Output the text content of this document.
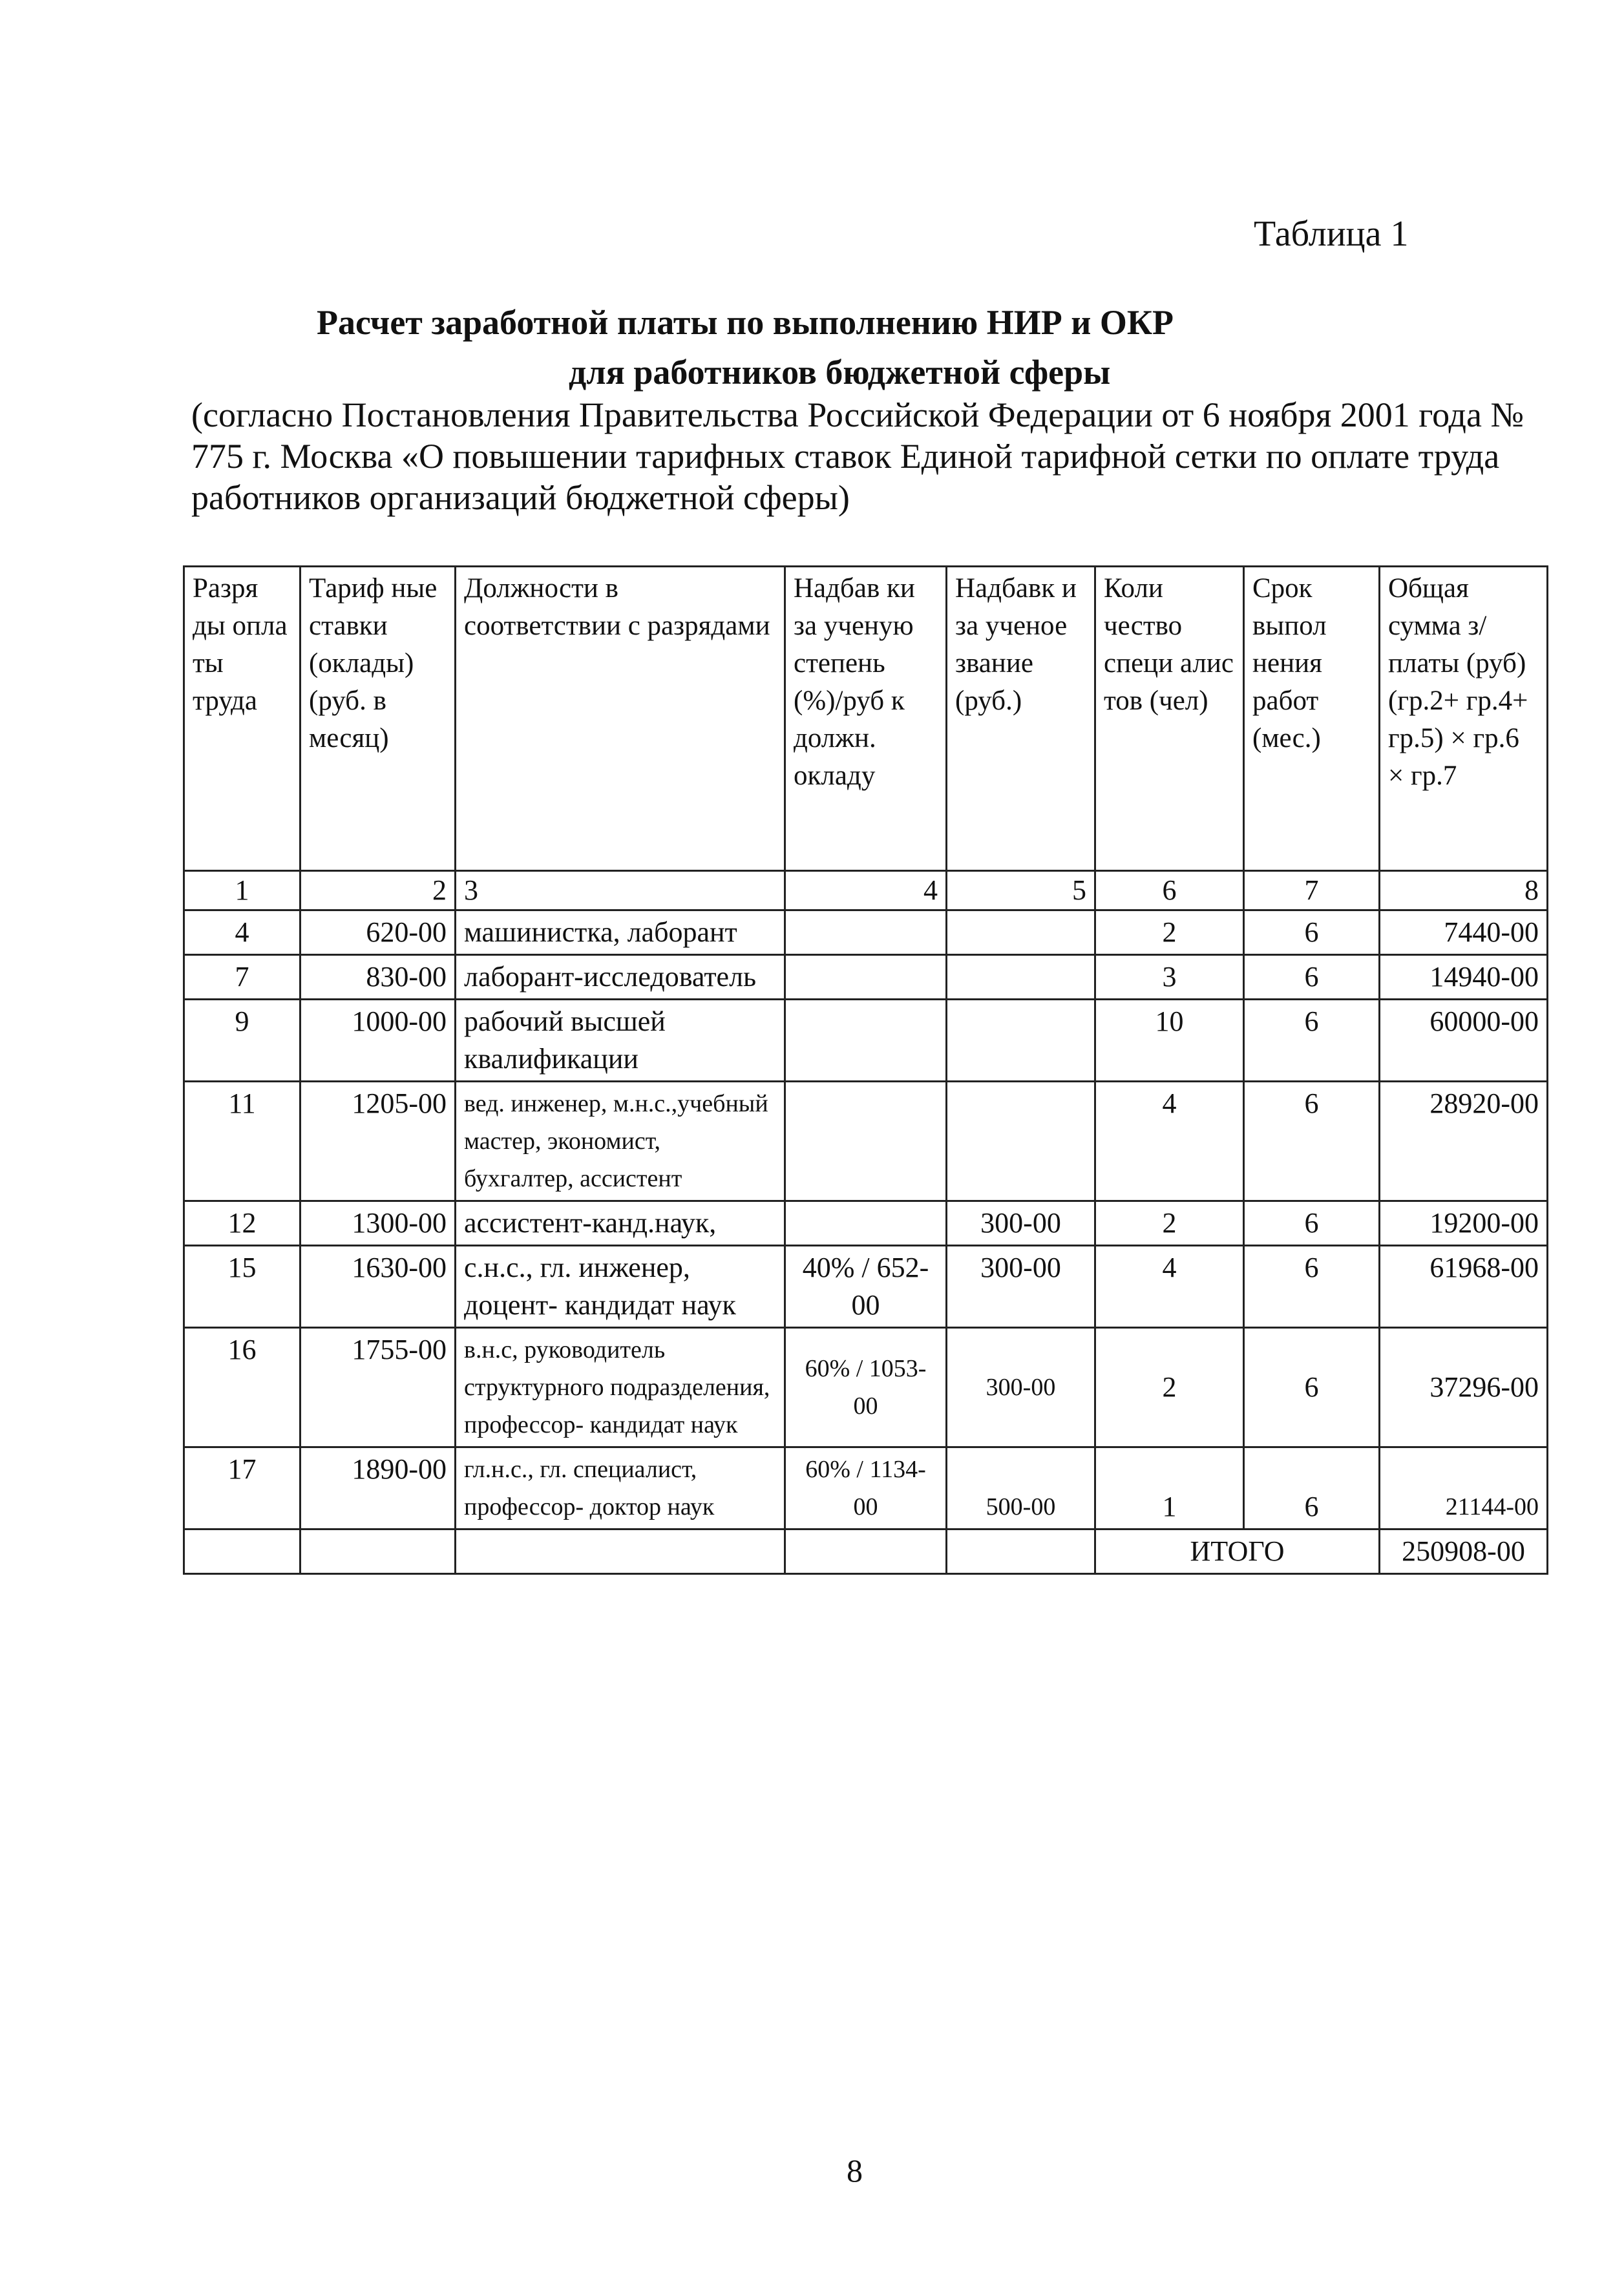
Таблица 1
Расчет заработной платы по выполнению НИР и ОКР
для работников бюджетной сферы
(согласно Постановления Правительства Российской Федерации от 6 ноября 2001 года № 775 г. Москва «О повышении тарифных ставок Единой тарифной сетки по оплате труда работников организаций бюджетной сферы)
Разря ды опла ты труда	Тариф ные ставки (оклады) (руб. в месяц)	Должности в соответствии с разрядами	Надбав ки за ученую степень (%)/руб к должн. окладу	Надбавк и за ученое звание (руб.)	Коли чество специ алис тов (чел)	Срок выпол нения работ (мес.)	Общая сумма з/платы (руб) (гр.2+ гр.4+ гр.5) × гр.6 × гр.7
1	2	3	4	5	6	7	8
4	620-00	машинистка, лаборант			2	6	7440-00
7	830-00	лаборант-исследователь			3	6	14940-00
9	1000-00	рабочий высшей квалификации			10	6	60000-00
11	1205-00	вед. инженер, м.н.с.,учебный мастер, экономист, бухгалтер, ассистент			4	6	28920-00
12	1300-00	ассистент-канд.наук,		300-00	2	6	19200-00
15	1630-00	с.н.с., гл. инженер, доцент- кандидат наук	40% / 652-00	300-00	4	6	61968-00
16	1755-00	в.н.с, руководитель структурного подразделения, профессор- кандидат наук	60% / 1053-00	300-00	2	6	37296-00
17	1890-00	гл.н.с., гл. специалист, профессор- доктор наук	60% / 1134-00	500-00	1	6	21144-00
					ИТОГО		250908-00
8
